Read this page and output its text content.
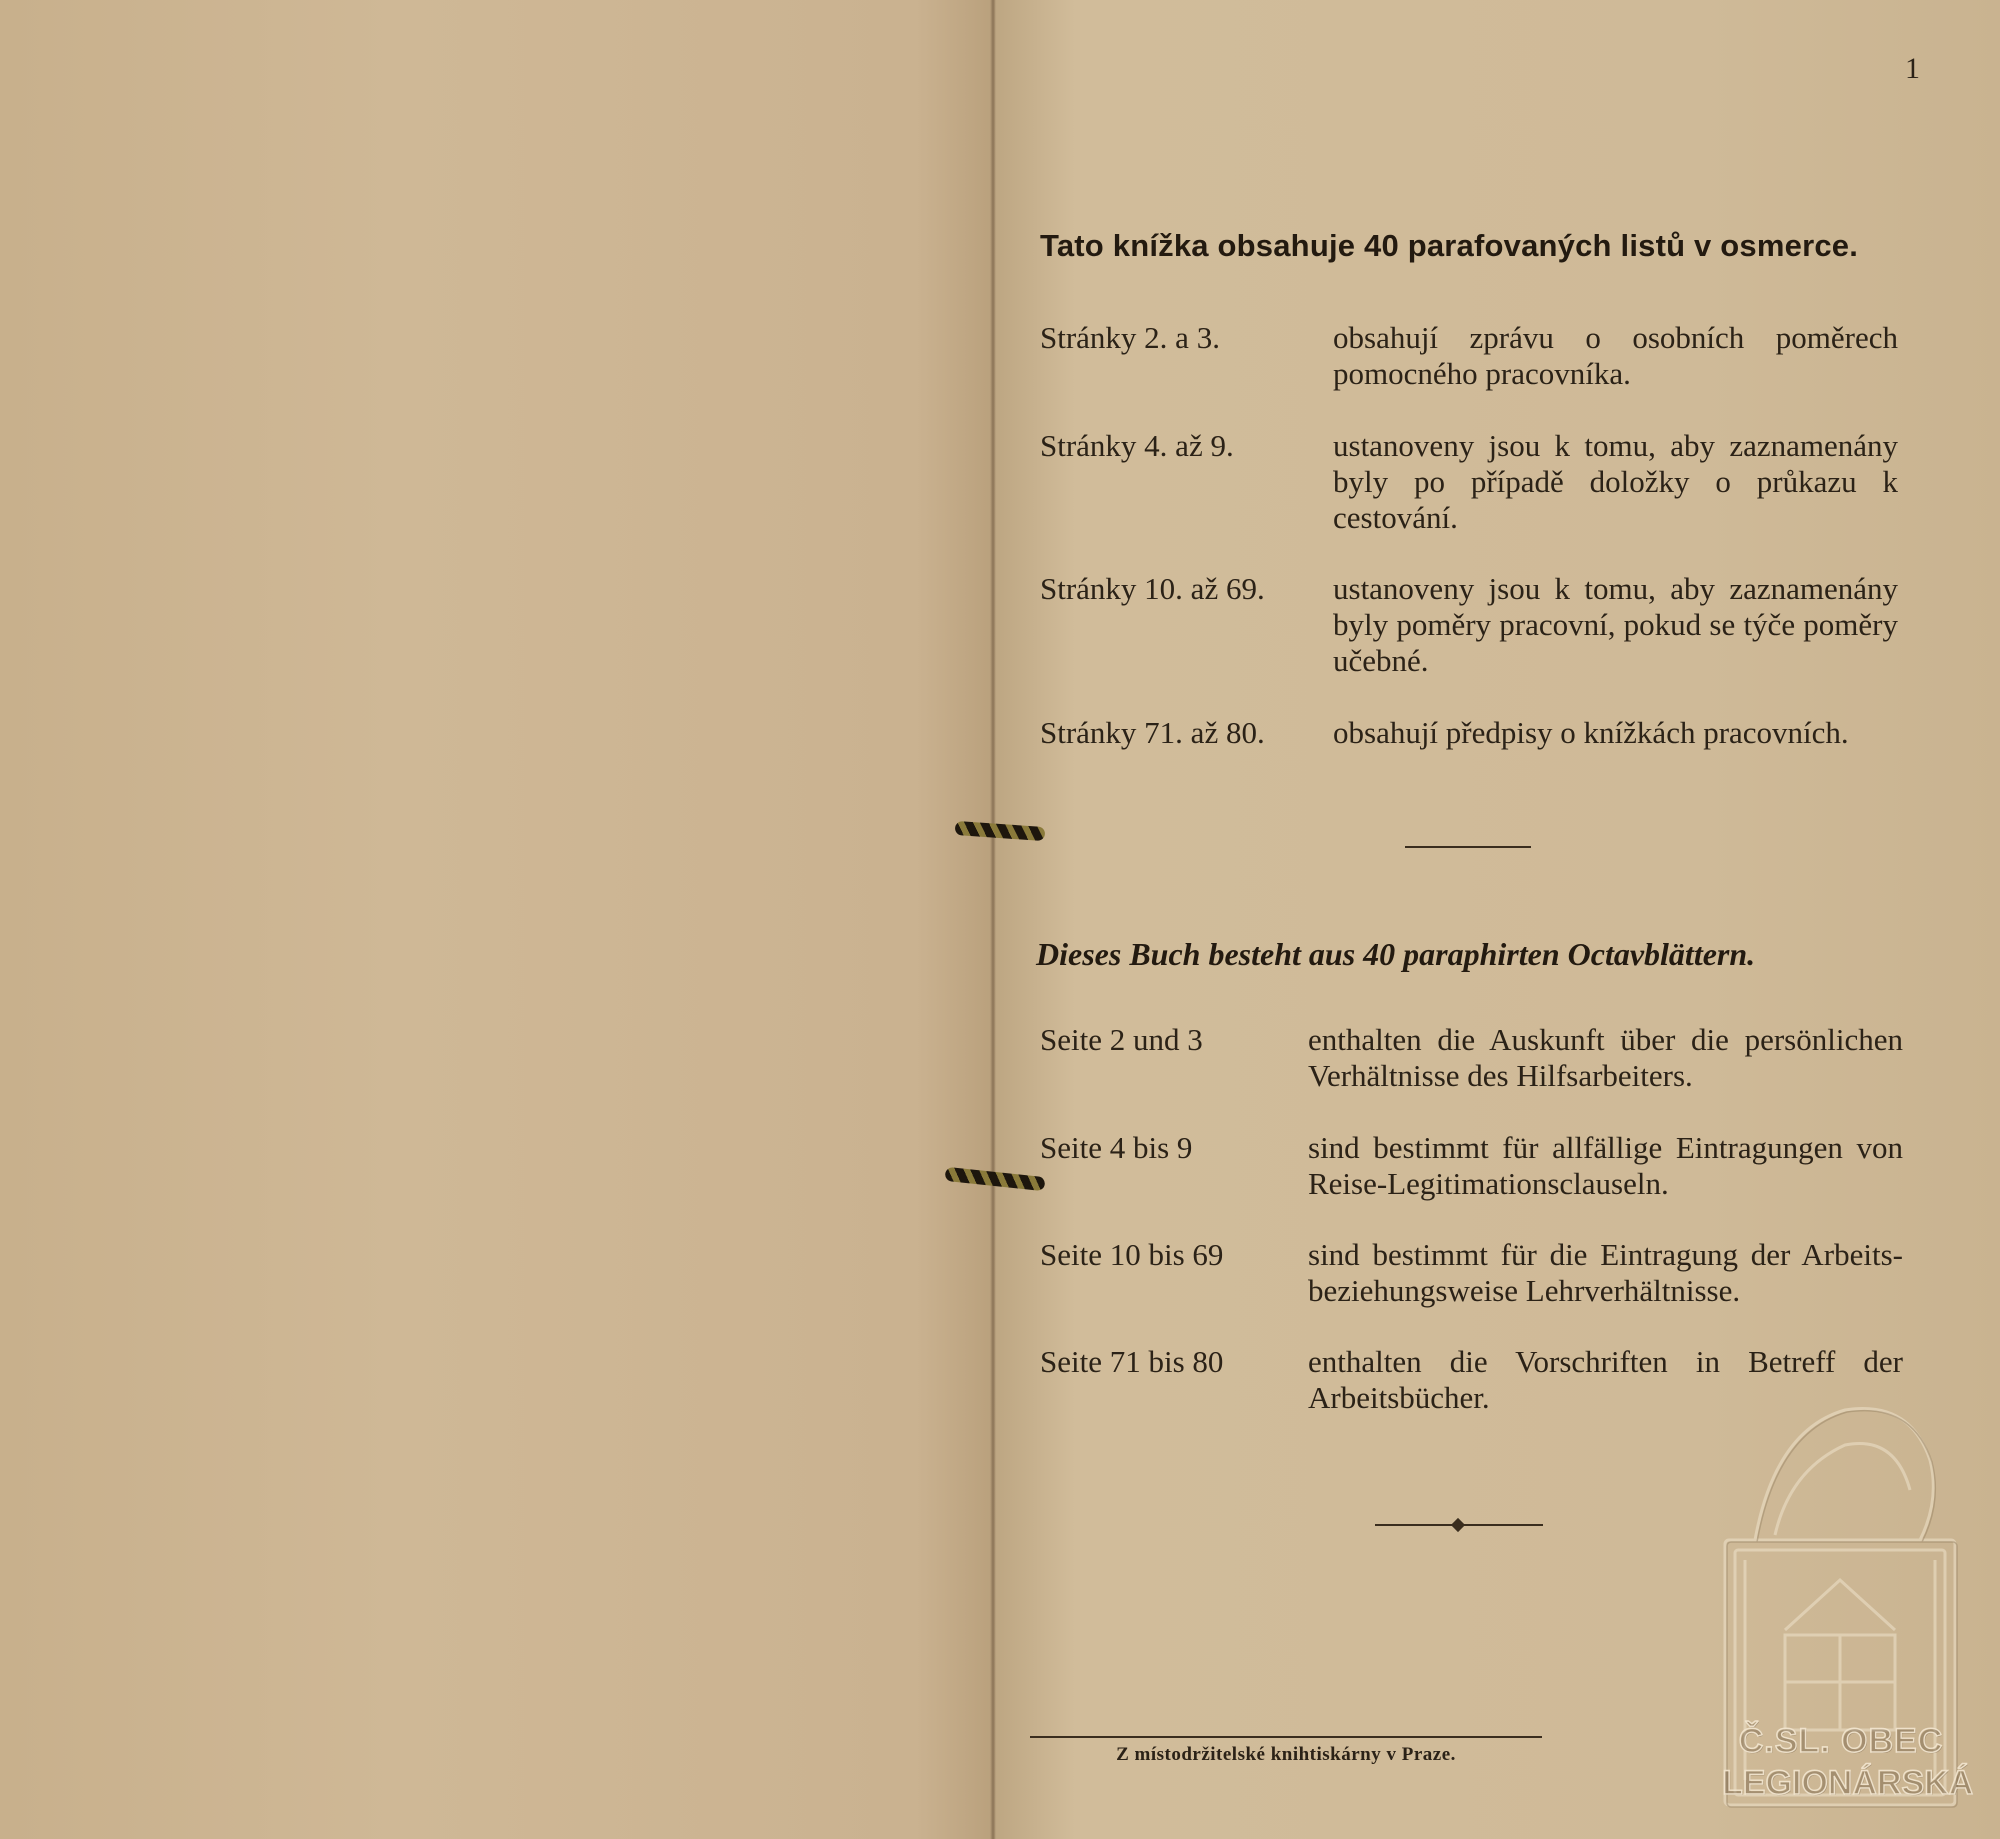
1
Tato knížka obsahuje 40 parafovaných listů v osmerce.
Stránky 2. a 3.	obsahují zprávu o osobních poměrech pomocného pracovníka.
Stránky 4. až 9.	ustanoveny jsou k tomu, aby zaznamenány byly po případě doložky o průkazu k cestování.
Stránky 10. až 69.	ustanoveny jsou k tomu, aby zaznamenány byly poměry pracovní, pokud se týče poměry učebné.
Stránky 71. až 80.	obsahují předpisy o knížkách pracovních.
Dieses Buch besteht aus 40 paraphirten Octavblättern.
Seite 2 und 3	enthalten die Auskunft über die persönlichen Verhältnisse des Hilfsarbeiters.
Seite 4 bis 9	sind bestimmt für allfällige Eintragungen von Reise-Legitimationsclauseln.
Seite 10 bis 69	sind bestimmt für die Eintragung der Arbeits- beziehungsweise Lehrverhältnisse.
Seite 71 bis 80	enthalten die Vorschriften in Betreff der Arbeitsbücher.
Z místodržitelské knihtiskárny v Praze.	Č.SL. OBEC
LEGIONÁRSKÁ
